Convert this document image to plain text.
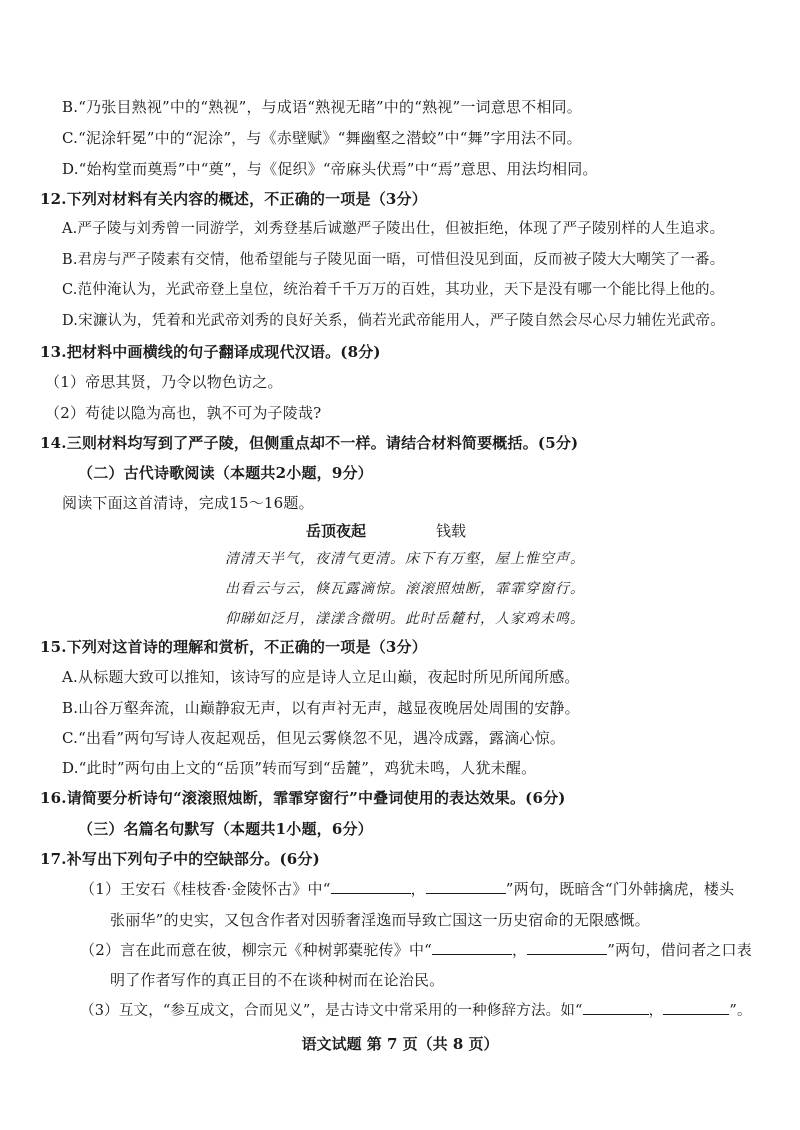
B.“乃张目熟视”中的“熟视”，与成语“熟视无睹”中的“熟视”一词意思不相同。
C.“泥涂轩冕”中的“泥涂”，与《赤壁赋》“舞幽壑之潜蛟”中“舞”字用法不同。
D.“始构堂而奠焉”中“奠”，与《促织》“帝麻头伏焉”中“焉”意思、用法均相同。
12.下列对材料有关内容的概述，不正确的一项是（3分）
A.严子陵与刘秀曾一同游学，刘秀登基后诚邀严子陵出仕，但被拒绝，体现了严子陵别样的人生追求。
B.君房与严子陵素有交情，他希望能与子陵见面一晤，可惜但没见到面，反而被子陵大大嘲笑了一番。
C.范仲淹认为，光武帝登上皇位，统治着千千万万的百姓，其功业，天下是没有哪一个能比得上他的。
D.宋濂认为，凭着和光武帝刘秀的良好关系，倘若光武帝能用人，严子陵自然会尽心尽力辅佐光武帝。
13.把材料中画横线的句子翻译成现代汉语。(8分)
（1）帝思其贤，乃令以物色访之。
（2）苟徒以隐为高也，孰不可为子陵哉?
14.三则材料均写到了严子陵，但侧重点却不一样。请结合材料简要概括。(5分)
（二）古代诗歌阅读（本题共2小题，9分）
阅读下面这首清诗，完成15～16题。
岳顶夜起	钱载
清清天半气，夜清气更清。床下有万壑，屋上惟空声。
出看云与云，倏瓦露滴惊。滚滚照烛断，霏霏穿窗行。
仰睇如泛月，漾漾含微明。此时岳麓村，人家鸡未鸣。
15.下列对这首诗的理解和赏析，不正确的一项是（3分）
A.从标题大致可以推知，该诗写的应是诗人立足山巅，夜起时所见所闻所感。
B.山谷万壑奔流，山巅静寂无声，以有声衬无声，越显夜晚居处周围的安静。
C.“出看”两句写诗人夜起观岳，但见云雾倏忽不见，遇冷成露，露滴心惊。
D.“此时”两句由上文的“岳顶”转而写到“岳麓”，鸡犹未鸣，人犹未醒。
16.请简要分析诗句“滚滚照烛断，霏霏穿窗行”中叠词使用的表达效果。(6分)
（三）名篇名句默写（本题共1小题，6分）
17.补写出下列句子中的空缺部分。(6分)
（1）王安石《桂枝香·金陵怀古》中“	，	”两句，既暗含“门外韩擒虎，楼头
张丽华”的史实，又包含作者对因骄奢淫逸而导致亡国这一历史宿命的无限感慨。
（2）言在此而意在彼，柳宗元《种树郭橐驼传》中“	，	”两句，借问者之口表
明了作者写作的真正目的不在谈种树而在论治民。
（3）互文，“参互成文，合而见义”，是古诗文中常采用的一种修辞方法。如“	，	”。
语文试题 第 7 页（共 8 页）
